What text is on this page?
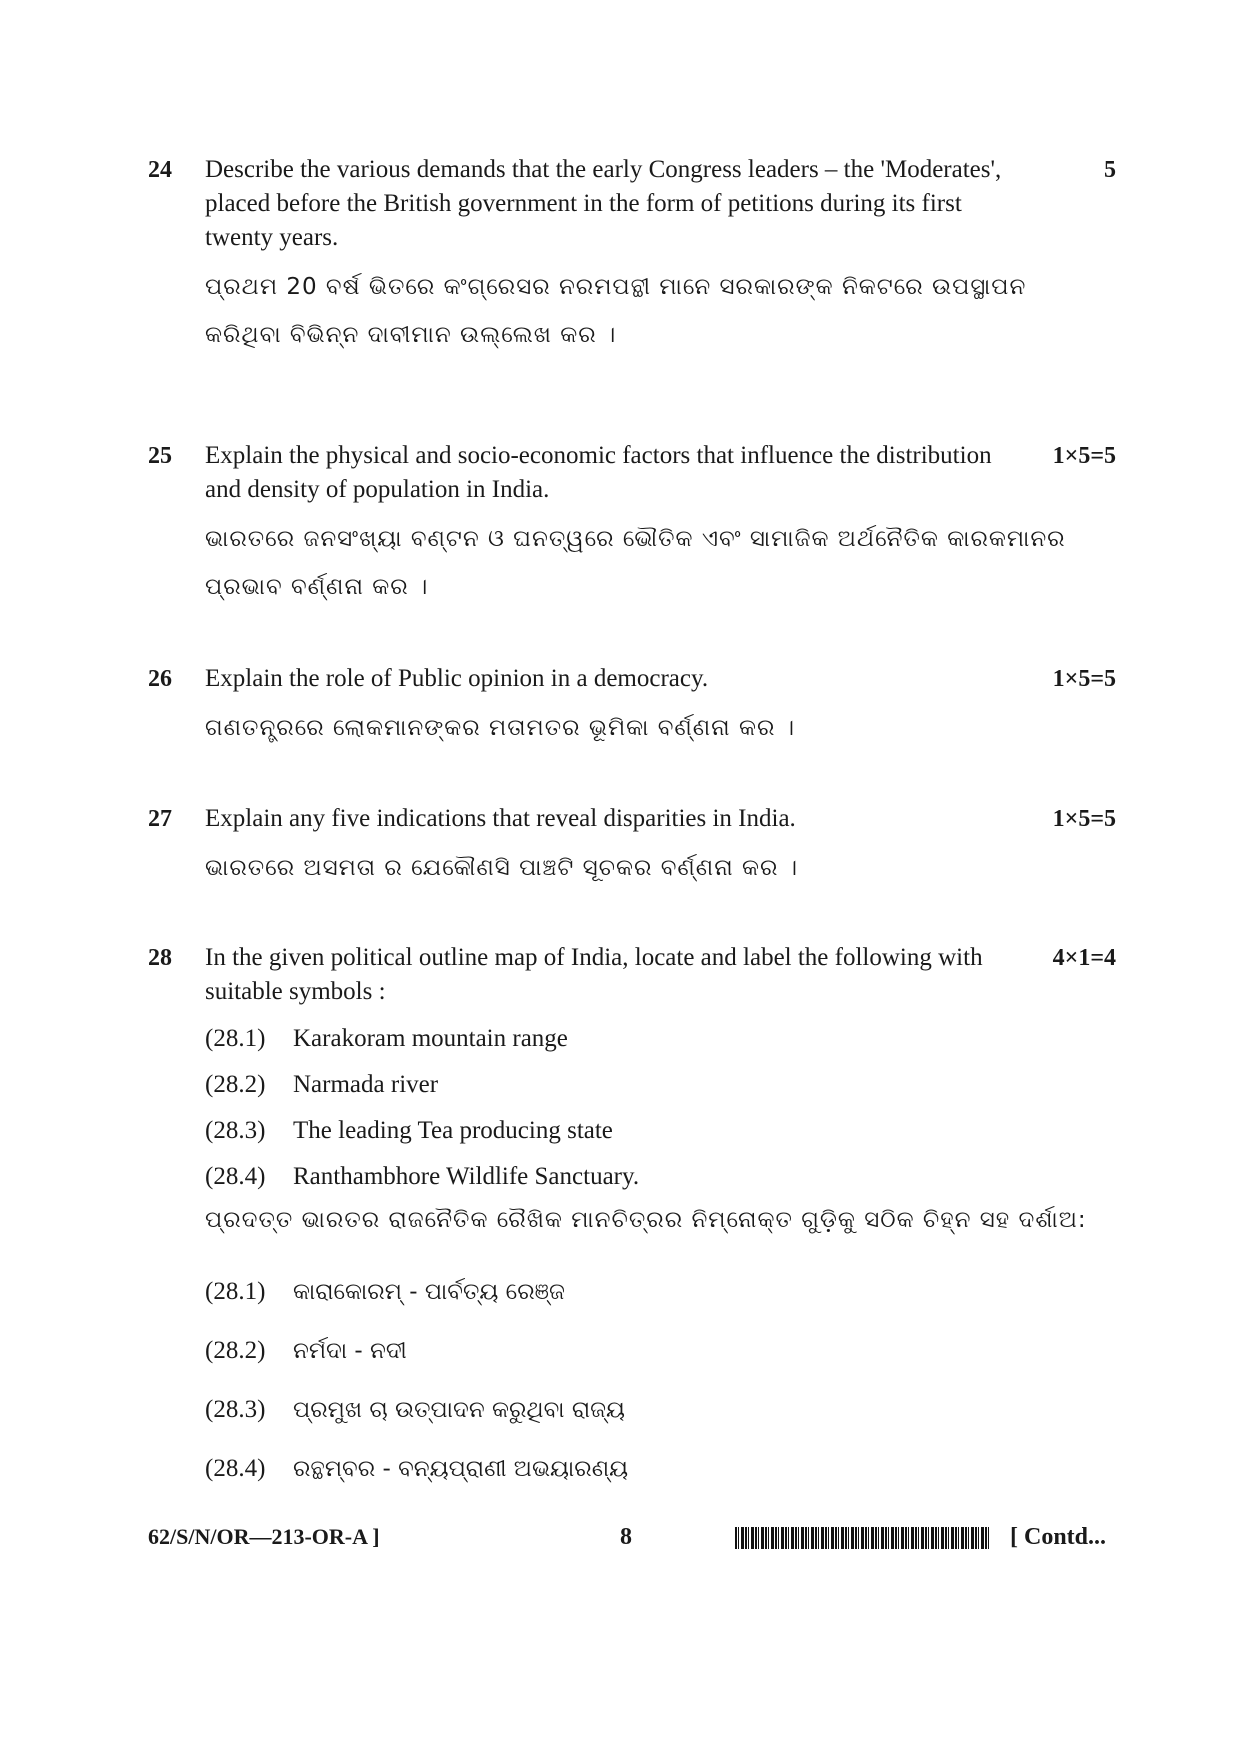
24 Describe the various demands that the early Congress leaders – the 'Moderates', placed before the British government in the form of petitions during its first twenty years.
5
ପ୍ରଥମ 20 ବର୍ଷ ଭିତରେ କଂଗ୍ରେସର ନରମପନ୍ଥୀ ମାନେ ସରକାରଙ୍କ ନିକଟରେ ଉପସ୍ଥାପନ କରିଥିବା ବିଭିନ୍ନ ଦାବୀମାନ ଉଲ୍ଲେଖ କର ।
25 Explain the physical and socio-economic factors that influence the distribution and density of population in India.
1×5=5
ଭାରତରେ ଜନସଂଖ୍ୟା ବଣ୍ଟନ ଓ ଘନତ୍ୱରେ ଭୌତିକ ଏବଂ ସାମାଜିକ ଅର୍ଥନୈତିକ କାରକମାନର ପ୍ରଭାବ ବର୍ଣ୍ଣନା କର ।
26 Explain the role of Public opinion in a democracy.	1×5=5
ଗଣତନ୍ତ୍ରରେ ଲୋକମାନଙ୍କର ମତାମତର ଭୂମିକା ବର୍ଣ୍ଣନା କର ।
27 Explain any five indications that reveal disparities in India.	1×5=5
ଭାରତରେ ଅସମତା ର ଯେକୌଣସି ପାଞ୍ଚଟି ସୂଚକର ବର୍ଣ୍ଣନା କର ।
28 In the given political outline map of India, locate and label the following with suitable symbols :
4×1=4
(28.1) Karakoram mountain range
(28.2) Narmada river
(28.3) The leading Tea producing state
(28.4) Ranthambhore Wildlife Sanctuary.
ପ୍ରଦତ୍ତ ଭାରତର ରାଜନୈତିକ ରୈଖିକ ମାନଚିତ୍ରର ନିମ୍ନୋକ୍ତ ଗୁଡ଼ିକୁ ସଠିକ ଚିହ୍ନ ସହ ଦର୍ଶାଅ:
(28.1) କାରାକୋରମ୍ - ପାର୍ବତ୍ୟ ରେଞ୍ଜ
(28.2) ନର୍ମଦା - ନଦୀ
(28.3) ପ୍ରମୁଖ ଚା ଉତ୍ପାଦନ କରୁଥିବା ରାଜ୍ୟ
(28.4) ରନ୍ଥମ୍ବର - ବନ୍ୟପ୍ରାଣୀ ଅଭୟାରଣ୍ୟ
62/S/N/OR—213-OR-A ]	8	[ Contd...
